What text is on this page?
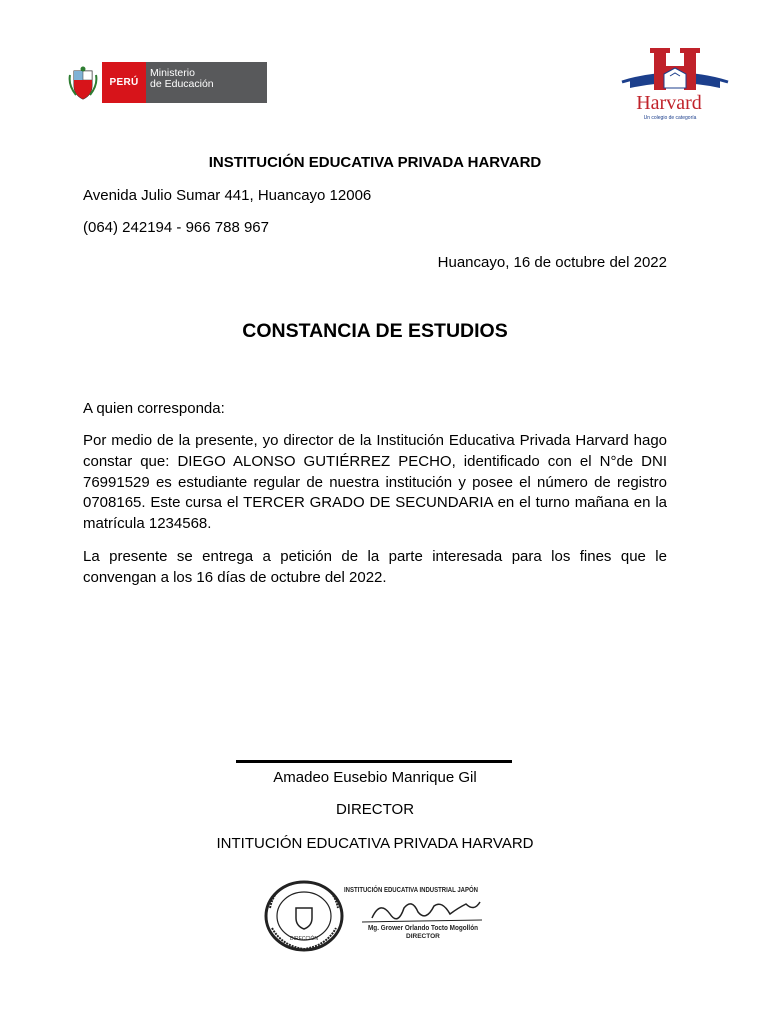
PERÚ
Ministerio
de Educación
Harvard
Un colegio de categoría
INSTITUCIÓN EDUCATIVA PRIVADA HARVARD
Avenida Julio Sumar 441, Huancayo 12006
(064) 242194 - 966 788 967
Huancayo, 16 de octubre del 2022
CONSTANCIA DE ESTUDIOS
A quien corresponda:
Por medio de la presente, yo director de la Institución Educativa Privada Harvard hago constar que: DIEGO ALONSO GUTIÉRREZ PECHO, identificado con el N°de DNI 76991529 es estudiante regular de nuestra institución y posee el número de registro 0708165. Este cursa el TERCER GRADO DE SECUNDARIA en el turno mañana en la matrícula 1234568.
La presente se entrega a petición de la parte interesada para los fines que le convengan a los 16 días de octubre del 2022.
Amadeo Eusebio Manrique Gil
DIRECTOR
INTITUCIÓN EDUCATIVA PRIVADA HARVARD
DIRECCIÓN
INSTITUCIÓN EDUCATIVA INDUSTRIAL JAPÓN
Mg. Grower Orlando Tocto Mogollón
DIRECTOR
